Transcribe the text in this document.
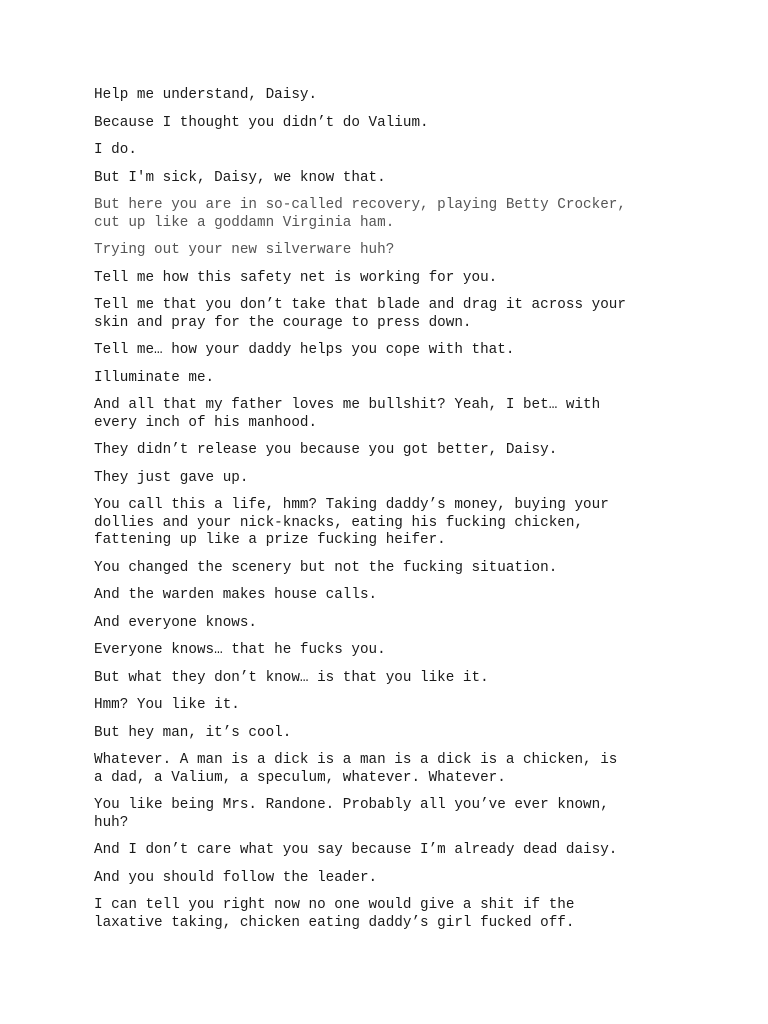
Help me understand, Daisy.

Because I thought you didn’t do Valium.

I do.

But I'm sick, Daisy, we know that.

But here you are in so-called recovery, playing Betty Crocker,
cut up like a goddamn Virginia ham.

Trying out your new silverware huh?

Tell me how this safety net is working for you.

Tell me that you don’t take that blade and drag it across your
skin and pray for the courage to press down.

Tell me… how your daddy helps you cope with that.

Illuminate me.

And all that my father loves me bullshit? Yeah, I bet… with
every inch of his manhood.

They didn’t release you because you got better, Daisy.

They just gave up.

You call this a life, hmm? Taking daddy’s money, buying your
dollies and your nick-knacks, eating his fucking chicken,
fattening up like a prize fucking heifer.

You changed the scenery but not the fucking situation.

And the warden makes house calls.

And everyone knows.

Everyone knows… that he fucks you.

But what they don’t know… is that you like it.

Hmm? You like it.

But hey man, it’s cool.

Whatever. A man is a dick is a man is a dick is a chicken, is
a dad, a Valium, a speculum, whatever. Whatever.

You like being Mrs. Randone. Probably all you’ve ever known,
huh?

And I don’t care what you say because I’m already dead daisy.

And you should follow the leader.

I can tell you right now no one would give a shit if the
laxative taking, chicken eating daddy’s girl fucked off.
